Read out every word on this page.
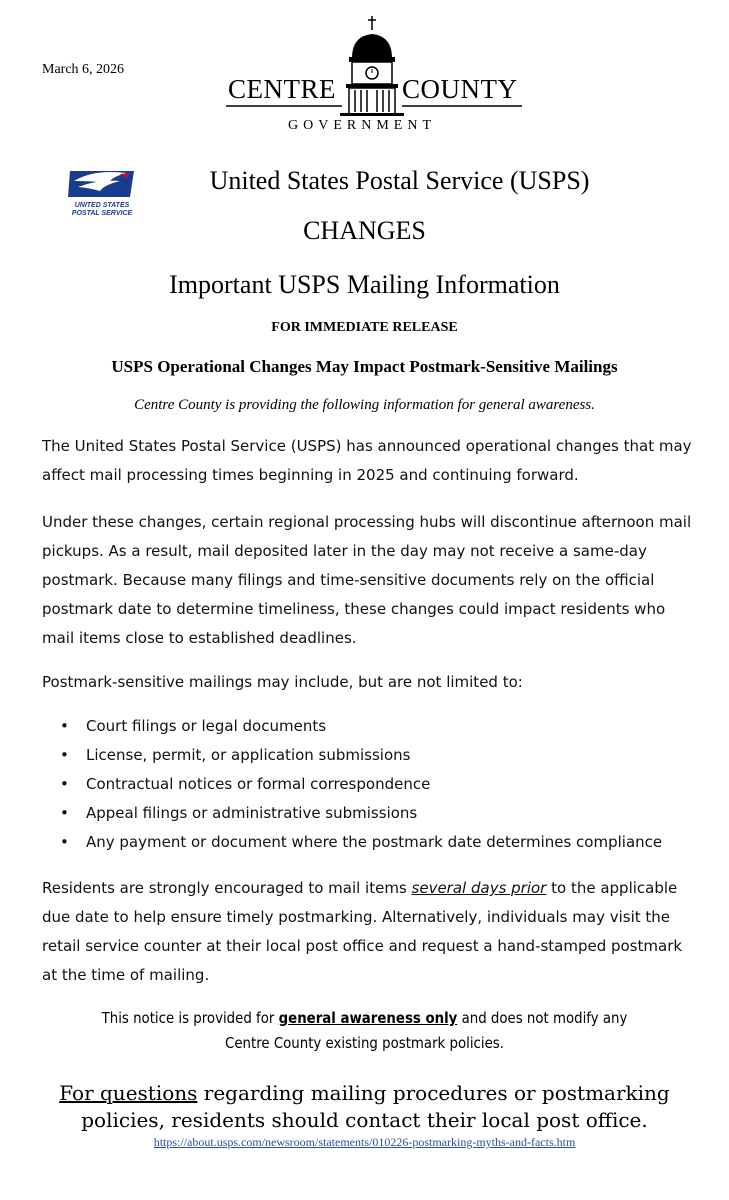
March 6, 2026
CENTRE COUNTY
GOVERNMENT
UNITED STATES
POSTAL SERVICE
United States Postal Service (USPS)
CHANGES
Important USPS Mailing Information
FOR IMMEDIATE RELEASE
USPS Operational Changes May Impact Postmark-Sensitive Mailings
Centre County is providing the following information for general awareness.
The United States Postal Service (USPS) has announced operational changes that may affect mail processing times beginning in 2025 and continuing forward.
Under these changes, certain regional processing hubs will discontinue afternoon mail pickups. As a result, mail deposited later in the day may not receive a same-day postmark. Because many filings and time-sensitive documents rely on the official postmark date to determine timeliness, these changes could impact residents who mail items close to established deadlines.
Postmark-sensitive mailings may include, but are not limited to:
• Court filings or legal documents
• License, permit, or application submissions
• Contractual notices or formal correspondence
• Appeal filings or administrative submissions
• Any payment or document where the postmark date determines compliance
Residents are strongly encouraged to mail items several days prior to the applicable due date to help ensure timely postmarking. Alternatively, individuals may visit the retail service counter at their local post office and request a hand-stamped postmark at the time of mailing.
This notice is provided for general awareness only and does not modify any
Centre County existing postmark policies.
For questions regarding mailing procedures or postmarking
policies, residents should contact their local post office.
https://about.usps.com/newsroom/statements/010226-postmarking-myths-and-facts.htm
